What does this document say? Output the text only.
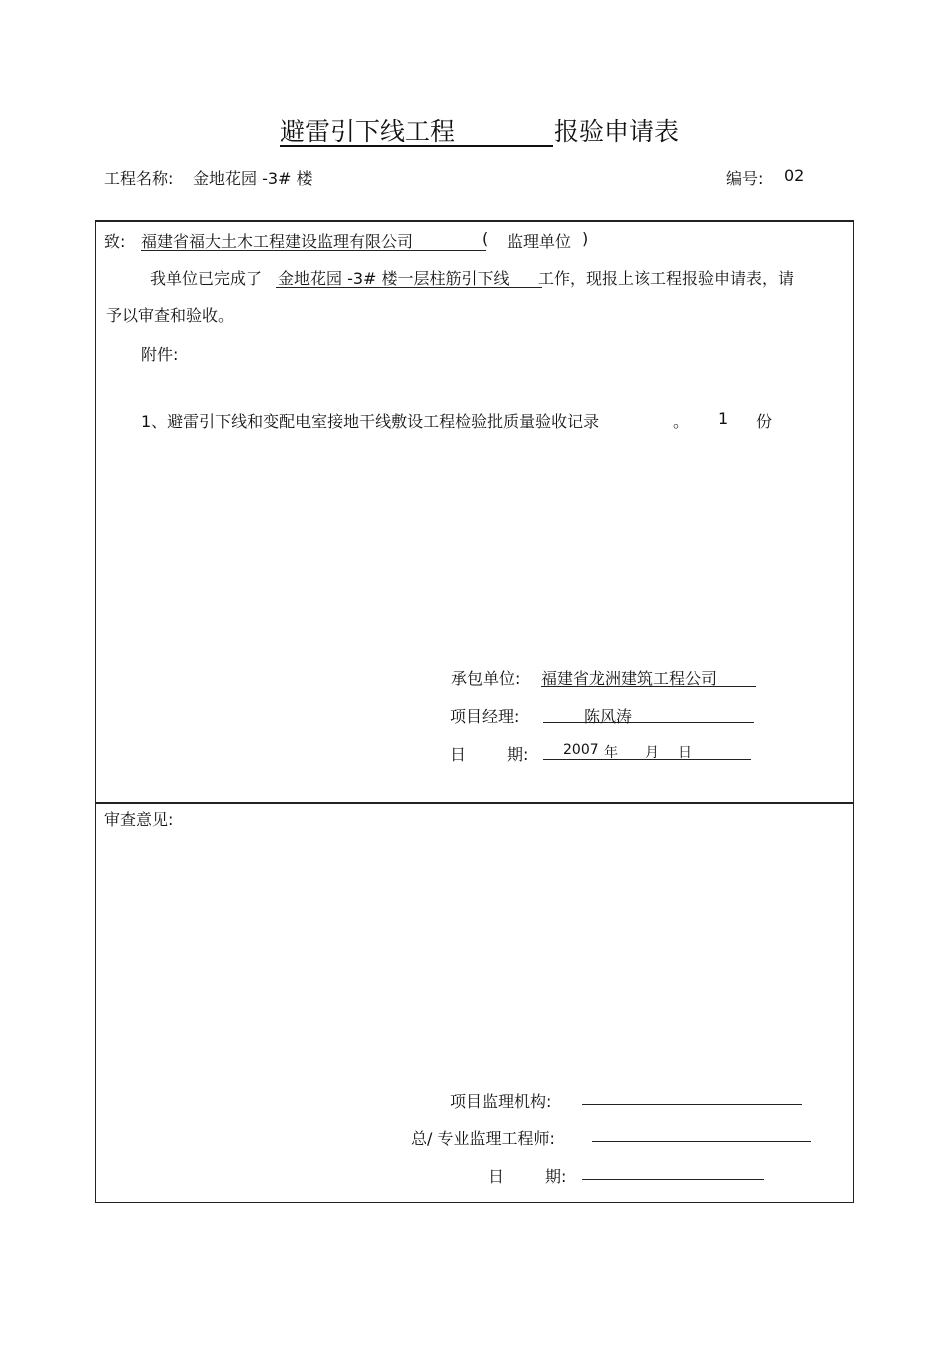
避雷引下线工程	报验申请表
工程名称: 金地花园 -3# 楼	编号: 02
致: 福建省福大土木工程建设监理有限公司	( 监理单位 )
我单位已完成了 金地花园 -3# 楼一层柱筋引下线 工作，现报上该工程报验申请表，请
予以审查和验收。
附件:
1、避雷引下线和变配电室接地干线敷设工程检验批质量验收记录	。 1 份
承包单位: 福建省龙洲建筑工程公司
项目经理:	陈风涛
日	期: 2007 年 月 日
审查意见:
项目监理机构:
总/ 专业监理工程师:
日	期:
